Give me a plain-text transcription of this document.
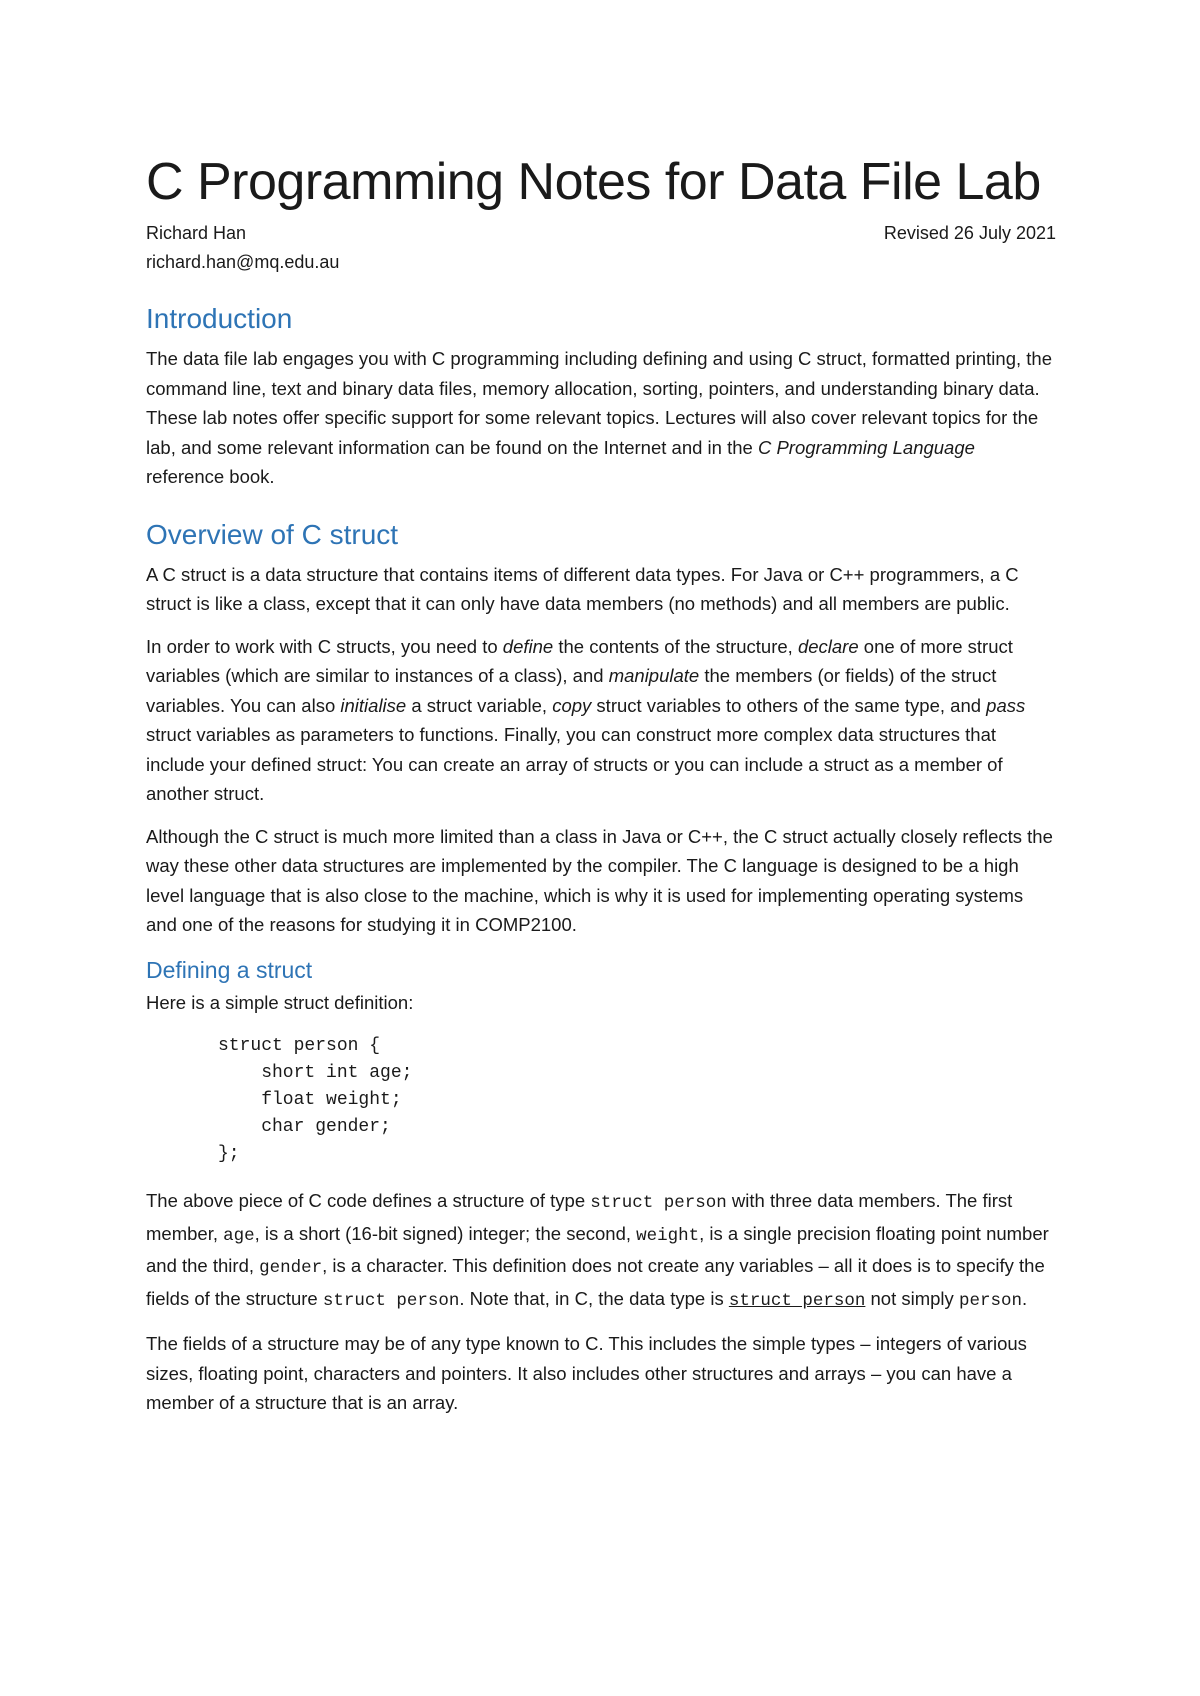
C Programming Notes for Data File Lab
Richard Han	Revised 26 July 2021
richard.han@mq.edu.au
Introduction

The data file lab engages you with C programming including defining and using C struct, formatted printing, the command line, text and binary data files, memory allocation, sorting, pointers, and understanding binary data. These lab notes offer specific support for some relevant topics. Lectures will also cover relevant topics for the lab, and some relevant information can be found on the Internet and in the C Programming Language reference book.

Overview of C struct

A C struct is a data structure that contains items of different data types. For Java or C++ programmers, a C struct is like a class, except that it can only have data members (no methods) and all members are public.

In order to work with C structs, you need to define the contents of the structure, declare one of more struct variables (which are similar to instances of a class), and manipulate the members (or fields) of the struct variables. You can also initialise a struct variable, copy struct variables to others of the same type, and pass struct variables as parameters to functions. Finally, you can construct more complex data structures that include your defined struct: You can create an array of structs or you can include a struct as a member of another struct.

Although the C struct is much more limited than a class in Java or C++, the C struct actually closely reflects the way these other data structures are implemented by the compiler. The C language is designed to be a high level language that is also close to the machine, which is why it is used for implementing operating systems and one of the reasons for studying it in COMP2100.

Defining a struct

Here is a simple struct definition:

struct person {
short int age;
float weight;
char gender;
};

The above piece of C code defines a structure of type struct person with three data members. The first member, age, is a short (16-bit signed) integer; the second, weight, is a single precision floating point number and the third, gender, is a character. This definition does not create any variables – all it does is to specify the fields of the structure struct person. Note that, in C, the data type is struct person not simply person.

The fields of a structure may be of any type known to C. This includes the simple types – integers of various sizes, floating point, characters and pointers. It also includes other structures and arrays – you can have a member of a structure that is an array.
